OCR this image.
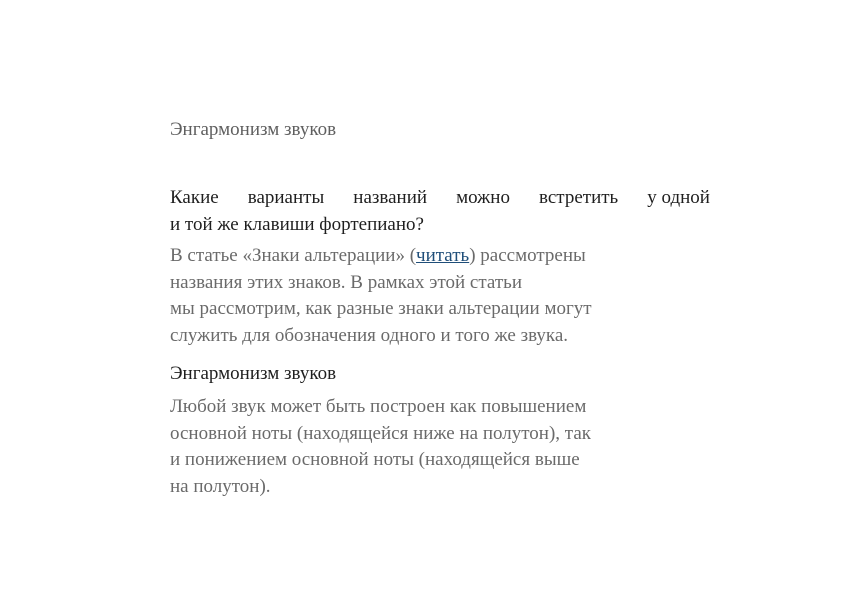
Энгармонизм звуков
Какие варианты названий можно встретить у одной
и той же клавиши фортепиано?
В статье «Знаки альтерации» (читать) рассмотрены
названия этих знаков. В рамках этой статьи
мы рассмотрим, как разные знаки альтерации могут
служить для обозначения одного и того же звука.
Энгармонизм звуков
Любой звук может быть построен как повышением
основной ноты (находящейся ниже на полутон), так
и понижением основной ноты (находящейся выше
на полутон).
